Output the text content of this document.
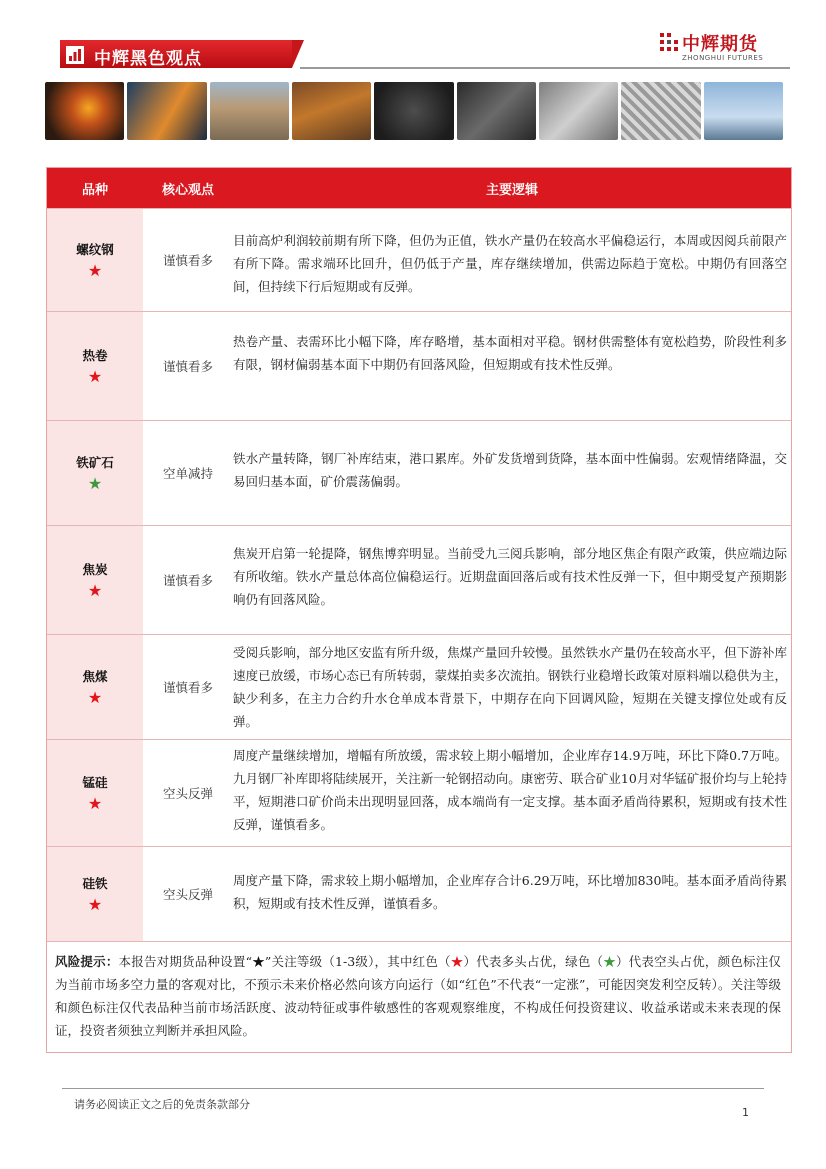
中辉黑色观点
中辉期货
ZHONGHUI FUTURES
品种	核心观点	主要逻辑
螺纹钢
★
谨慎看多
目前高炉利润较前期有所下降，但仍为正值，铁水产量仍在较高水平偏稳运行，本周或因阅兵前限产有所下降。需求端环比回升，但仍低于产量，库存继续增加，供需边际趋于宽松。中期仍有回落空间，但持续下行后短期或有反弹。
热卷
★
谨慎看多
热卷产量、表需环比小幅下降，库存略增，基本面相对平稳。钢材供需整体有宽松趋势，阶段性利多有限，钢材偏弱基本面下中期仍有回落风险，但短期或有技术性反弹。
铁矿石
★
空单减持
铁水产量转降，钢厂补库结束，港口累库。外矿发货增到货降，基本面中性偏弱。宏观情绪降温，交易回归基本面，矿价震荡偏弱。
焦炭
★
谨慎看多
焦炭开启第一轮提降，钢焦博弈明显。当前受九三阅兵影响，部分地区焦企有限产政策，供应端边际有所收缩。铁水产量总体高位偏稳运行。近期盘面回落后或有技术性反弹一下，但中期受复产预期影响仍有回落风险。
焦煤
★
谨慎看多
受阅兵影响，部分地区安监有所升级，焦煤产量回升较慢。虽然铁水产量仍在较高水平，但下游补库速度已放缓，市场心态已有所转弱，蒙煤拍卖多次流拍。钢铁行业稳增长政策对原料端以稳供为主，缺少利多，在主力合约升水仓单成本背景下，中期存在向下回调风险，短期在关键支撑位处或有反弹。
锰硅
★
空头反弹
周度产量继续增加，增幅有所放缓，需求较上期小幅增加，企业库存14.9万吨，环比下降0.7万吨。九月钢厂补库即将陆续展开，关注新一轮钢招动向。康密劳、联合矿业10月对华锰矿报价均与上轮持平，短期港口矿价尚未出现明显回落，成本端尚有一定支撑。基本面矛盾尚待累积，短期或有技术性反弹，谨慎看多。
硅铁
★
空头反弹
周度产量下降，需求较上期小幅增加，企业库存合计6.29万吨，环比增加830吨。基本面矛盾尚待累积，短期或有技术性反弹，谨慎看多。
风险提示：本报告对期货品种设置“★”关注等级（1-3级），其中红色（★）代表多头占优，绿色（★）代表空头占优，颜色标注仅为当前市场多空力量的客观对比，不预示未来价格必然向该方向运行（如“红色”不代表“一定涨”，可能因突发利空反转）。关注等级和颜色标注仅代表品种当前市场活跃度、波动特征或事件敏感性的客观观察维度，不构成任何投资建议、收益承诺或未来表现的保证，投资者须独立判断并承担风险。
请务必阅读正文之后的免责条款部分
1
